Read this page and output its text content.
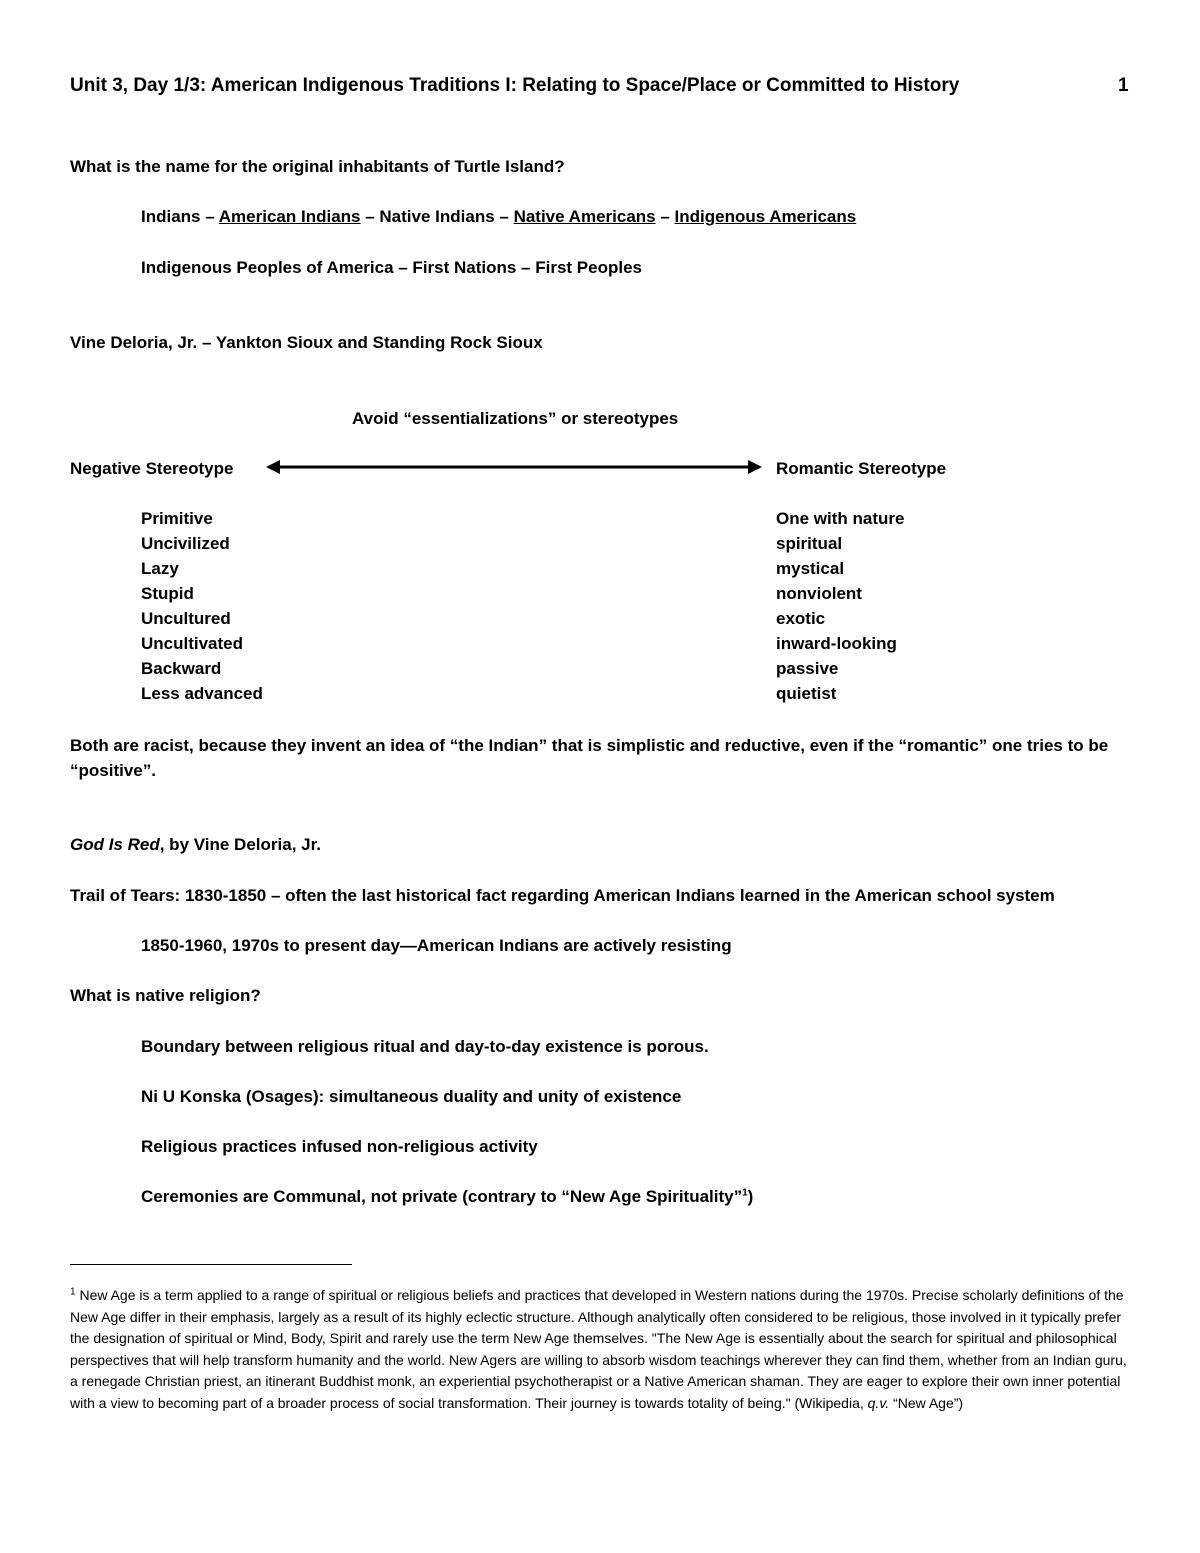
Unit 3, Day 1/3: American Indigenous Traditions I: Relating to Space/Place or Committed to History	1
What is the name for the original inhabitants of Turtle Island?
Indians – American Indians – Native Indians – Native Americans – Indigenous Americans
Indigenous Peoples of America – First Nations – First Peoples
Vine Deloria, Jr. – Yankton Sioux and Standing Rock Sioux
Avoid “essentializations” or stereotypes
Negative Stereotype	Romantic Stereotype
Primitive
Uncivilized
Lazy
Stupid
Uncultured
Uncultivated
Backward
Less advanced
One with nature
spiritual
mystical
nonviolent
exotic
inward-looking
passive
quietist
Both are racist, because they invent an idea of “the Indian” that is simplistic and reductive, even if the “romantic” one tries to be “positive”.
God Is Red, by Vine Deloria, Jr.
Trail of Tears: 1830-1850 – often the last historical fact regarding American Indians learned in the American school system
1850-1960, 1970s to present day—American Indians are actively resisting
What is native religion?
Boundary between religious ritual and day-to-day existence is porous.
Ni U Konska (Osages): simultaneous duality and unity of existence
Religious practices infused non-religious activity
Ceremonies are Communal, not private (contrary to “New Age Spirituality”$^1$)
$^1$ New Age is a term applied to a range of spiritual or religious beliefs and practices that developed in Western nations during the 1970s. Precise scholarly definitions of the New Age differ in their emphasis, largely as a result of its highly eclectic structure. Although analytically often considered to be religious, those involved in it typically prefer the designation of spiritual or Mind, Body, Spirit and rarely use the term New Age themselves. "The New Age is essentially about the search for spiritual and philosophical perspectives that will help transform humanity and the world. New Agers are willing to absorb wisdom teachings wherever they can find them, whether from an Indian guru, a renegade Christian priest, an itinerant Buddhist monk, an experiential psychotherapist or a Native American shaman. They are eager to explore their own inner potential with a view to becoming part of a broader process of social transformation. Their journey is towards totality of being." (Wikipedia, q.v. “New Age”)
